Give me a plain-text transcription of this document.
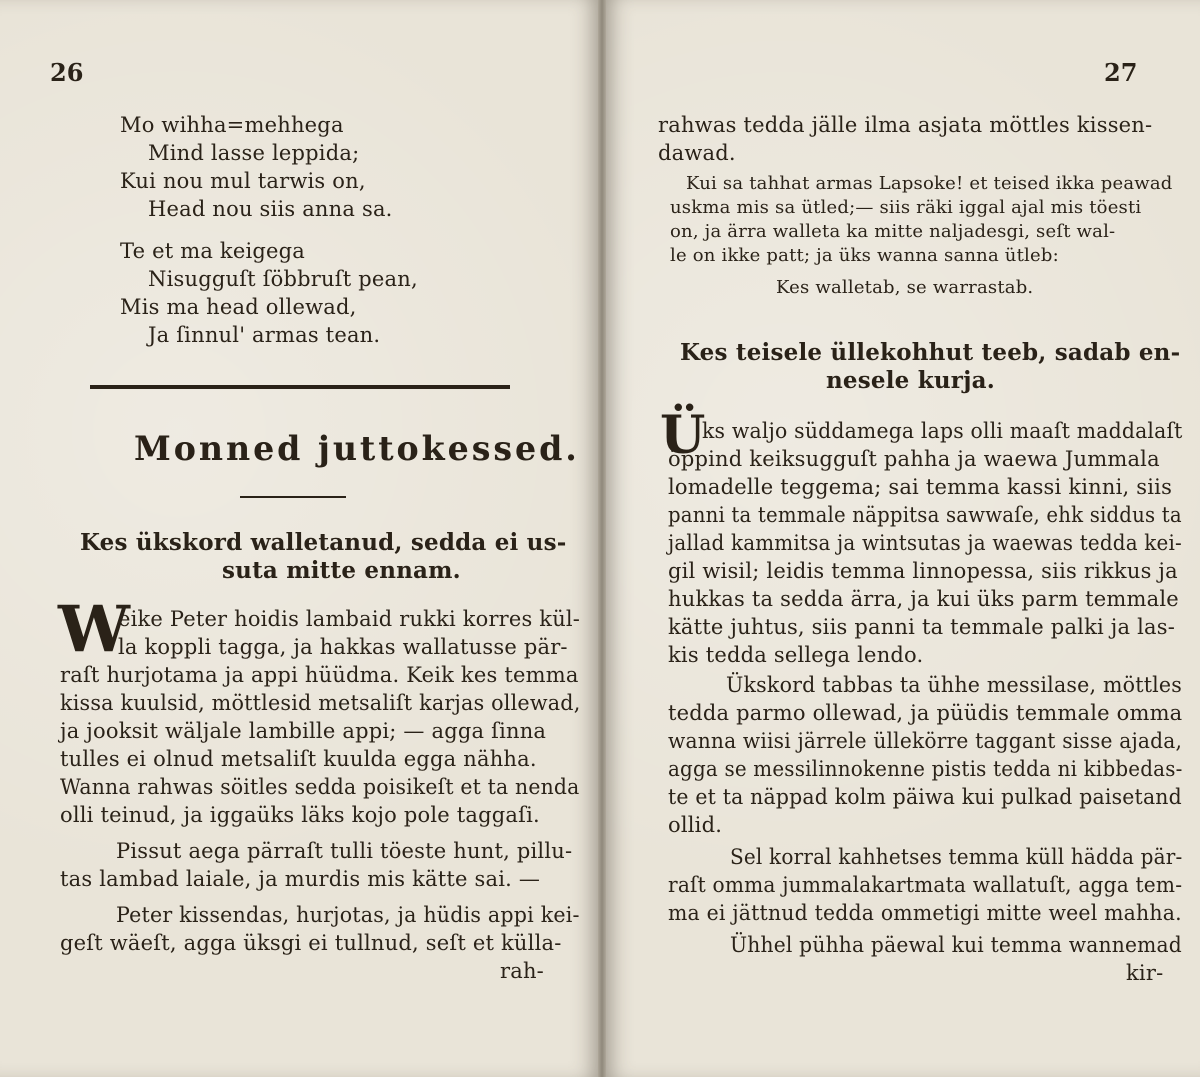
26
Mo wihha=mehhega
Mind lasse leppida;
Kui nou mul tarwis on,
Head nou siis anna sa.
Te et ma keigega
Nisugguſt ſöbbruſt pean,
Mis ma head ollewad,
Ja ſinnul' armas tean.
Monned juttokessed.
Kes ükskord walletanud, sedda ei us-
suta mitte ennam.
W
eike Peter hoidis lambaid rukki korres kül-
la koppli tagga, ja hakkas wallatusse pär-
raſt hurjotama ja appi hüüdma. Keik kes temma
kissa kuulsid, möttlesid metsaliſt karjas ollewad,
ja jooksit wäljale lambille appi; — agga ſinna
tulles ei olnud metsaliſt kuulda egga nähha.
Wanna rahwas söitles sedda poisikeſt et ta nenda
olli teinud, ja iggaüks läks kojo pole taggaſi.
Pissut aega pärraſt tulli töeste hunt, pillu-
tas lambad laiale, ja murdis mis kätte sai. —
Peter kissendas, hurjotas, ja hüdis appi kei-
geſt wäeſt, agga üksgi ei tullnud, seſt et külla-
rah-
27
rahwas tedda jälle ilma asjata möttles kissen-
dawad.
Kui sa tahhat armas Lapsoke! et teised ikka peawad
uskma mis sa ütled;— siis räki iggal ajal mis töesti
on, ja ärra walleta ka mitte naljadesgi, seſt wal-
le on ikke patt; ja üks wanna sanna ütleb:
Kes walletab, se warrastab.
Kes teisele üllekohhut teeb, sadab en-
nesele kurja.
Ü
ks waljo süddamega laps olli maaſt maddalaſt
öppind keiksugguſt pahha ja waewa Jummala
lomadelle teggema; sai temma kassi kinni, siis
panni ta temmale näppitsa sawwaſe, ehk siddus ta
jallad kammitsa ja wintsutas ja waewas tedda kei-
gil wisil; leidis temma linnopessa, siis rikkus ja
hukkas ta sedda ärra, ja kui üks parm temmale
kätte juhtus, siis panni ta temmale palki ja las-
kis tedda sellega lendo.
Ükskord tabbas ta ühhe messilase, möttles
tedda parmo ollewad, ja püüdis temmale omma
wanna wiisi järrele üllekörre taggant sisse ajada,
agga se messilinnokenne pistis tedda ni kibbedas-
te et ta näppad kolm päiwa kui pulkad paisetand
ollid.
Sel korral kahhetses temma küll hädda pär-
raſt omma jummalakartmata wallatuſt, agga tem-
ma ei jättnud tedda ommetigi mitte weel mahha.
Ühhel pühha päewal kui temma wannemad
kir-
